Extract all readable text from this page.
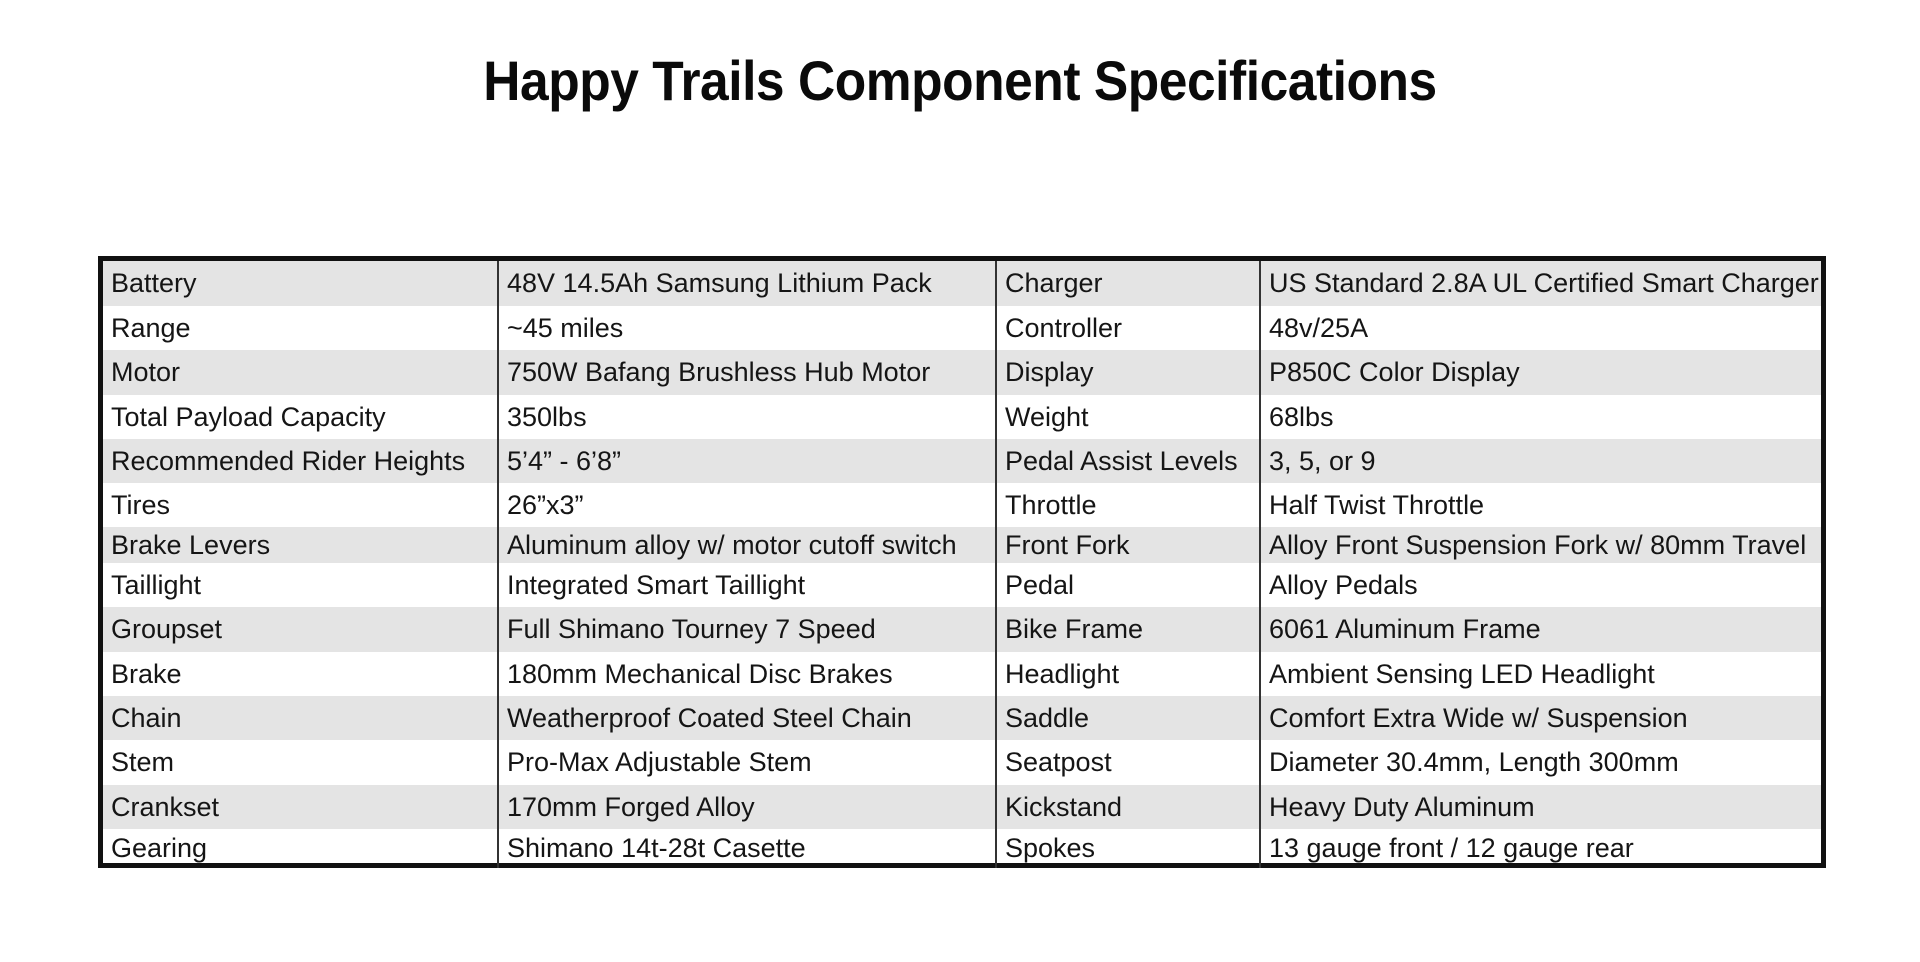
Happy Trails Component Specifications
Battery	48V 14.5Ah Samsung Lithium Pack	Charger	US Standard 2.8A UL Certified Smart Charger
Range	~45 miles	Controller	48v/25A
Motor	750W Bafang Brushless Hub Motor	Display	P850C Color Display
Total Payload Capacity	350lbs	Weight	68lbs
Recommended Rider Heights	5’4” - 6’8”	Pedal Assist Levels	3, 5, or 9
Tires	26”x3”	Throttle	Half Twist Throttle
Brake Levers	Aluminum alloy w/ motor cutoff switch	Front Fork	Alloy Front Suspension Fork w/ 80mm Travel
Taillight	Integrated Smart Taillight	Pedal	Alloy Pedals
Groupset	Full Shimano Tourney 7 Speed	Bike Frame	6061 Aluminum Frame
Brake	180mm Mechanical Disc Brakes	Headlight	Ambient Sensing LED Headlight
Chain	Weatherproof Coated Steel Chain	Saddle	Comfort Extra Wide w/ Suspension
Stem	Pro-Max Adjustable Stem	Seatpost	Diameter 30.4mm, Length 300mm
Crankset	170mm Forged Alloy	Kickstand	Heavy Duty Aluminum
Gearing	Shimano 14t-28t Casette	Spokes	13 gauge front / 12 gauge rear
